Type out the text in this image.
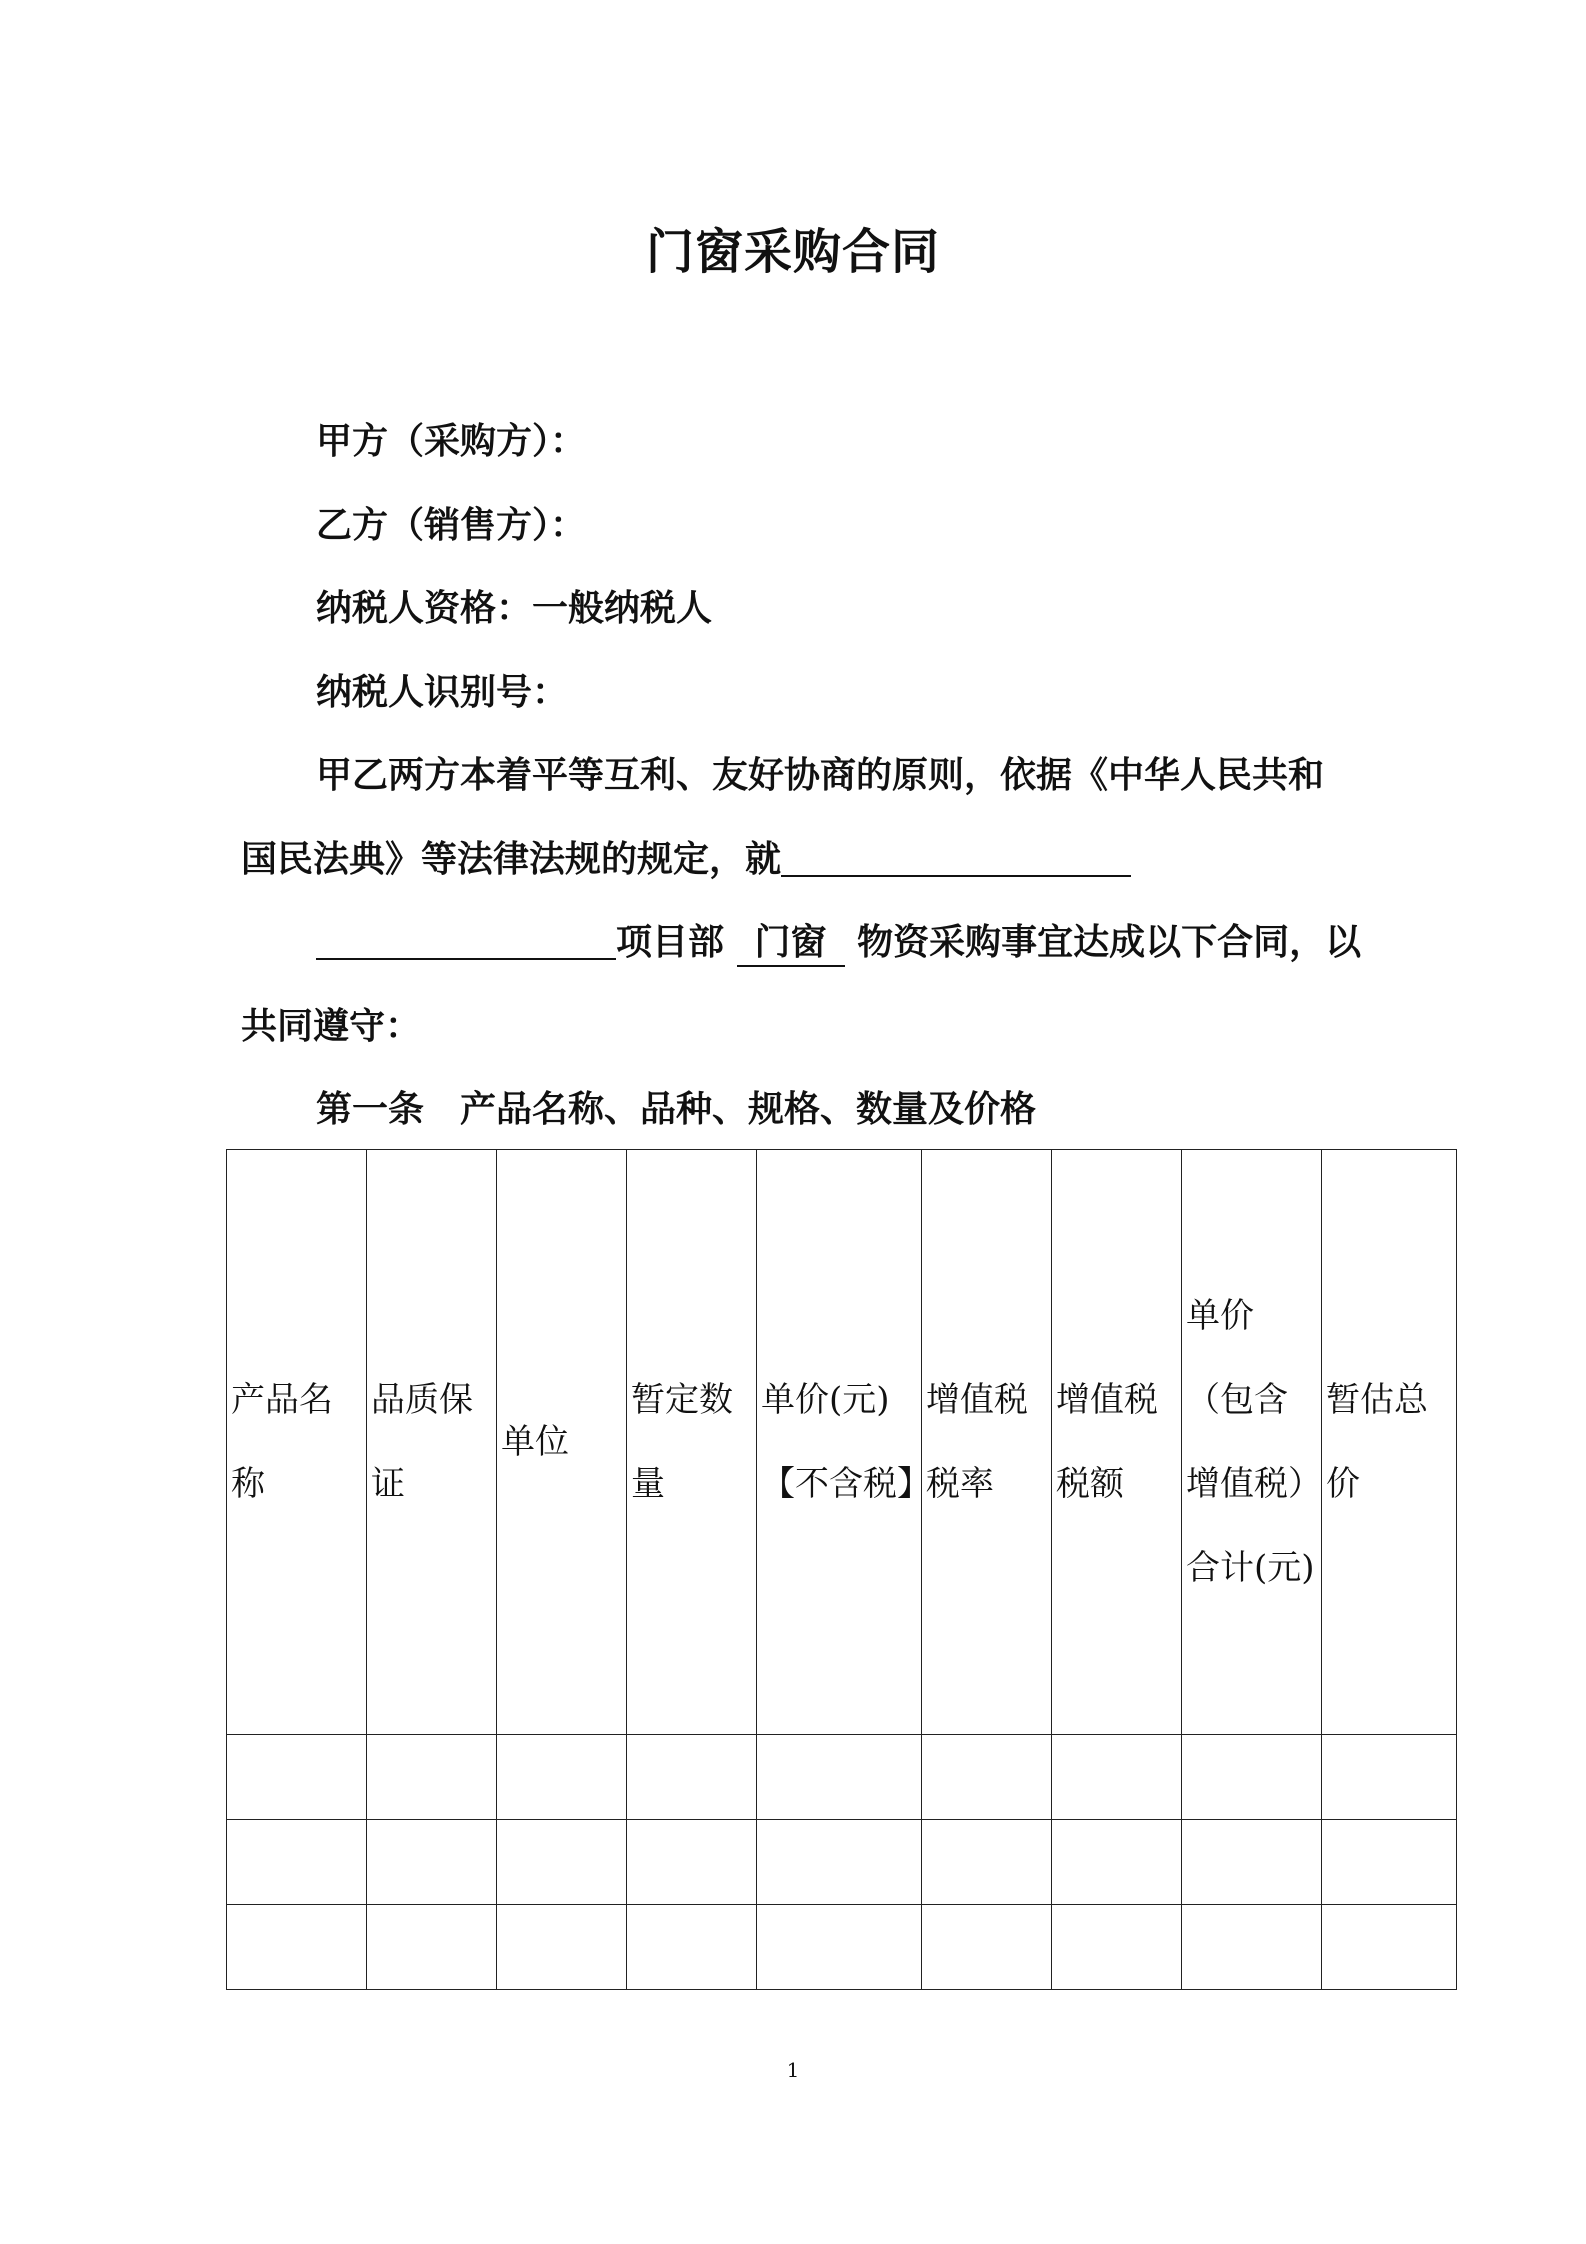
门窗采购合同
甲方（采购方）：
乙方（销售方）：
纳税人资格：一般纳税人
纳税人识别号：
甲乙两方本着平等互利、友好协商的原则，依据《中华人民共和
国民法典》等法律法规的规定，就
项目部 门窗 物资采购事宜达成以下合同，以
共同遵守：
第一条　产品名称、品种、规格、数量及价格
产品名称	品质保证	单位	暂定数量	单价(元)【不含税】	增值税税率	增值税税额	单价（包含增值税）合计(元)	暂估总价

1
